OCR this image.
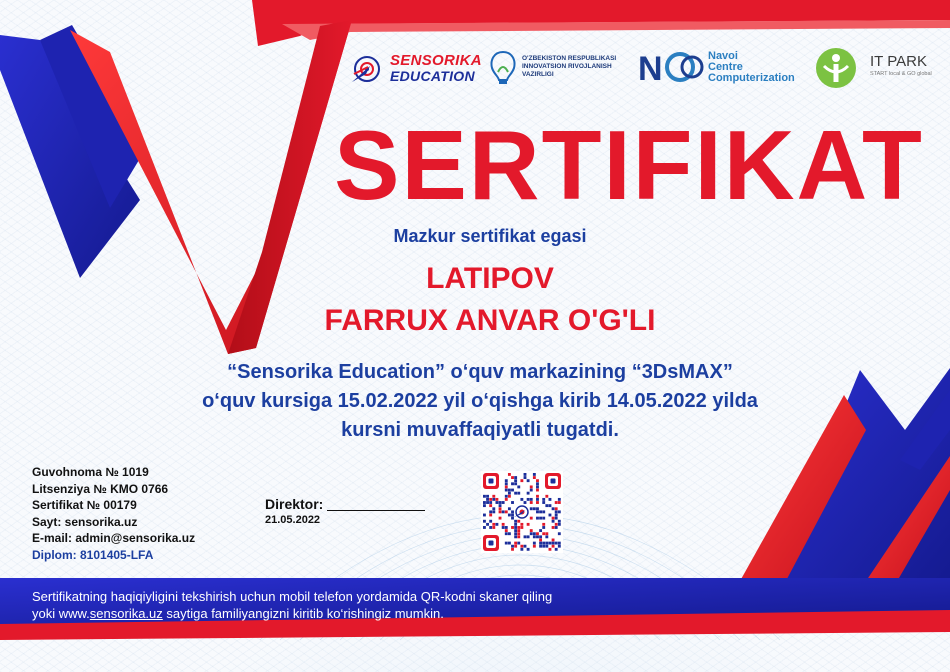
SENSORIKA
EDUCATION
O'ZBEKISTON RESPUBLIKASI
INNOVATSION RIVOJLANISH
VAZIRLIGI	N	Navoi
Centre
Computerization
IT PARK
START local & GO global
SERTIFIKAT
Mazkur sertifikat egasi
LATIPOV
FARRUX ANVAR O'G'LI
“Sensorika Education” o‘quv markazining “3DsMAX”
o‘quv kursiga 15.02.2022 yil o‘qishga kirib 14.05.2022 yilda
kursni muvaffaqiyatli tugatdi.
Guvohnoma № 1019
Litsenziya № KMO 0766
Sertifikat № 00179
Sayt: sensorika.uz
E-mail: admin@sensorika.uz
Diplom: 8101405-LFA
Direktor:
21.05.2022
Sertifikatning haqiqiyligini tekshirish uchun mobil telefon yordamida QR-kodni skaner qiling
yoki www.sensorika.uz saytiga familiyangizni kiritib ko‘rishingiz mumkin.
